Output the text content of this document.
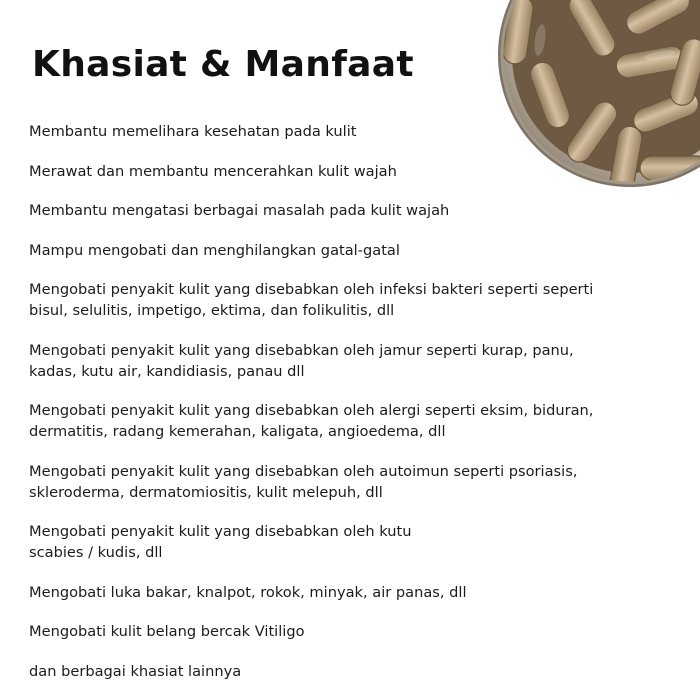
Khasiat & Manfaat
Membantu memelihara kesehatan pada kulit
Merawat dan membantu mencerahkan kulit wajah
Membantu mengatasi berbagai masalah pada kulit wajah
Mampu mengobati dan menghilangkan gatal-gatal
Mengobati penyakit kulit yang disebabkan oleh infeksi bakteri seperti seperti
bisul, selulitis, impetigo, ektima, dan folikulitis, dll
Mengobati penyakit kulit yang disebabkan oleh jamur seperti kurap, panu,
kadas, kutu air, kandidiasis, panau dll
Mengobati penyakit kulit yang disebabkan oleh alergi seperti eksim, biduran,
dermatitis, radang kemerahan, kaligata, angioedema, dll
Mengobati penyakit kulit yang disebabkan oleh autoimun seperti psoriasis,
skleroderma, dermatomiositis, kulit melepuh, dll
Mengobati penyakit kulit yang disebabkan oleh kutu
scabies / kudis, dll
Mengobati luka bakar, knalpot, rokok, minyak, air panas, dll
Mengobati kulit belang bercak Vitiligo
dan berbagai khasiat lainnya
